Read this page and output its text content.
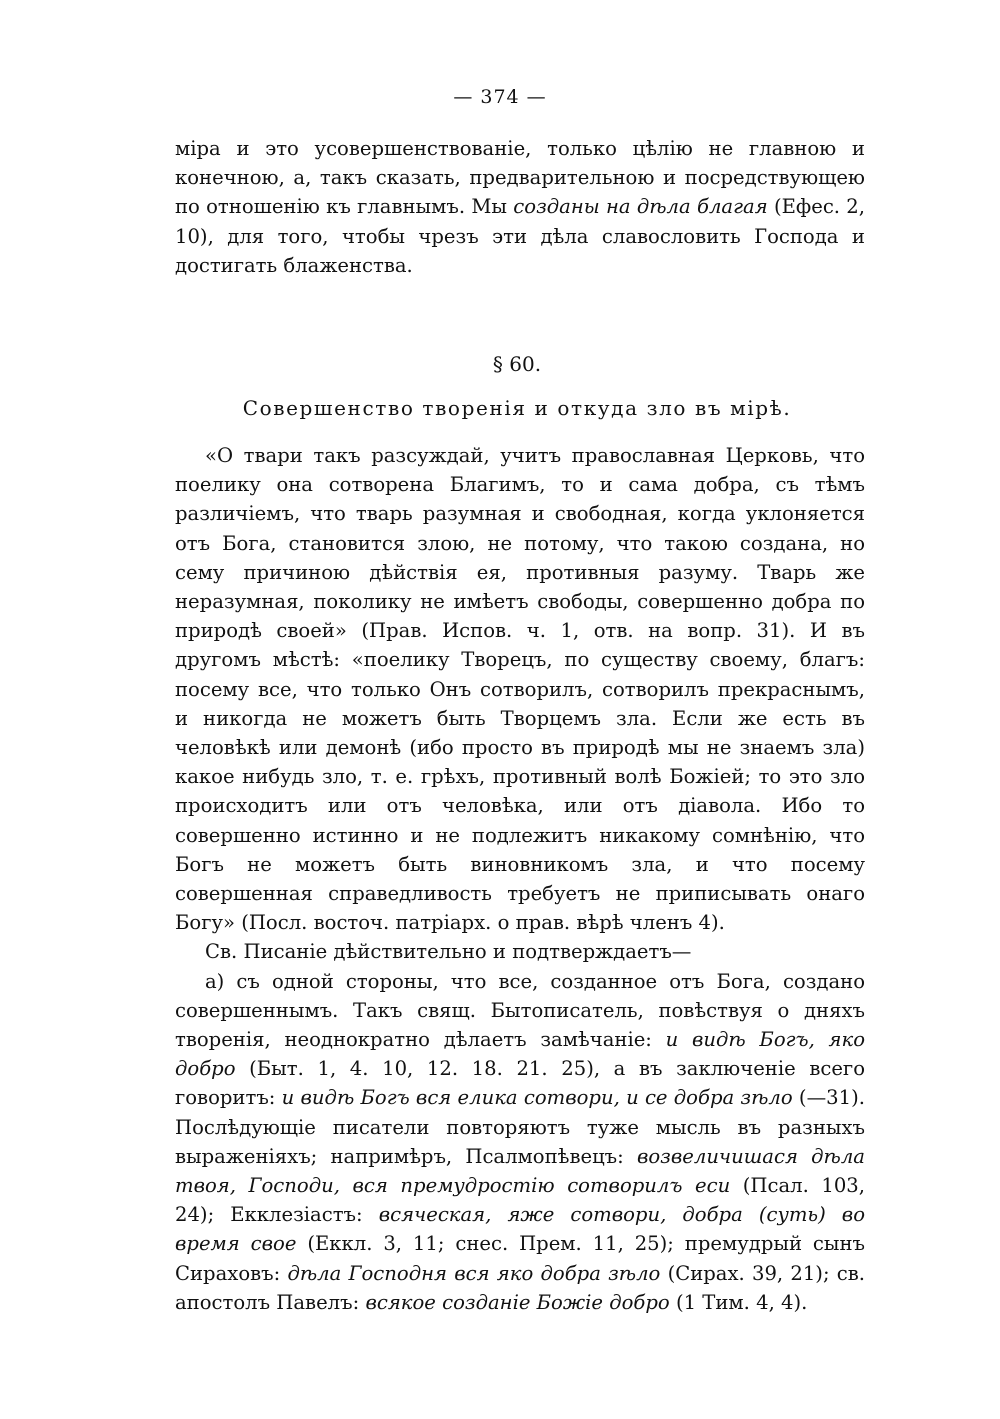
— 374 —

міра и это усовершенствованіе, только цѣлію не главною и конечною, а, такъ сказать, предварительною и посредствующею по отношенію къ главнымъ. Мы созданы на дѣла благая (Ефес. 2, 10), для того, чтобы чрезъ эти дѣла славословить Господа и достигать блаженства.

§ 60.
Совершенство творенія и откуда зло въ мірѣ.

«О твари такъ разсуждай, учитъ православная Церковь, что поелику она сотворена Благимъ, то и сама добра, съ тѣмъ различіемъ, что тварь разумная и свободная, когда уклоняется отъ Бога, становится злою, не потому, что такою создана, но сему причиною дѣйствія ея, противныя разуму. Тварь же неразумная, поколику не имѣетъ свободы, совершенно добра по природѣ своей» (Прав. Испов. ч. 1, отв. на вопр. 31). И въ другомъ мѣстѣ: «поелику Творецъ, по существу своему, благъ: посему все, что только Онъ сотворилъ, сотворилъ прекраснымъ, и никогда не можетъ быть Творцемъ зла. Если же есть въ человѣкѣ или демонѣ (ибо просто въ природѣ мы не знаемъ зла) какое нибудь зло, т. е. грѣхъ, противный волѣ Божіей; то это зло происходитъ или отъ человѣка, или отъ діавола. Ибо то совершенно истинно и не подлежитъ никакому сомнѣнію, что Богъ не можетъ быть виновникомъ зла, и что посему совершенная справедливость требуетъ не приписывать онаго Богу» (Посл. восточ. патріарх. о прав. вѣрѣ членъ 4).

Св. Писаніе дѣйствительно и подтверждаетъ—

а) съ одной стороны, что все, созданное отъ Бога, создано совершеннымъ. Такъ свящ. Бытописатель, повѣствуя о дняхъ творенія, неоднократно дѣлаетъ замѣчаніе: и видѣ Богъ, яко добро (Быт. 1, 4. 10, 12. 18. 21. 25), а въ заключеніе всего говоритъ: и видѣ Богъ вся елика сотвори, и се добра зѣло (—31). Послѣдующіе писатели повторяютъ туже мысль въ разныхъ выраженіяхъ; напримѣръ, Псалмопѣвецъ: возвеличишася дѣла твоя, Господи, вся премудростію сотворилъ еси (Псал. 103, 24); Екклезіастъ: всяческая, яже сотвори, добра (суть) во время свое (Еккл. 3, 11; снес. Прем. 11, 25); премудрый сынъ Сираховъ: дѣла Господня вся яко добра зѣло (Сирах. 39, 21); св. апостолъ Павелъ: всякое созданіе Божіе добро (1 Тим. 4, 4).
